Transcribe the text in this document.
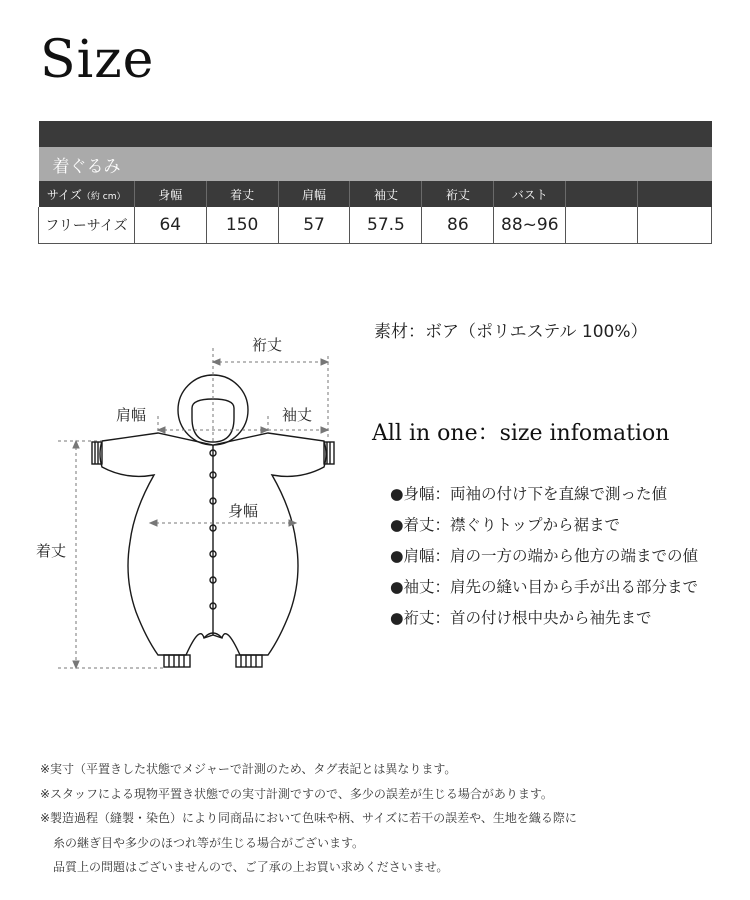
Size

着ぐるみ								
サイズ（約 cm）	身幅	着丈	肩幅	袖丈	裄丈	バスト		
フリーサイズ	64	150	57	57.5	86	88~96		
裄丈
肩幅	袖丈
身幅
着丈
素材：ボア（ポリエステル 100%）
All in one：size infomation
●身幅：両袖の付け下を直線で測った値
●着丈：襟ぐりトップから裾まで
●肩幅：肩の一方の端から他方の端までの値
●袖丈：肩先の縫い目から手が出る部分まで
●裄丈：首の付け根中央から袖先まで
※実寸（平置きした状態でメジャーで計測のため、タグ表記とは異なります。
※スタッフによる現物平置き状態での実寸計測ですので、多少の誤差が生じる場合があります。
※製造過程（縫製・染色）により同商品において色味や柄、サイズに若干の誤差や、生地を織る際に
糸の継ぎ目や多少のほつれ等が生じる場合がございます。
品質上の問題はございませんので、ご了承の上お買い求めくださいませ。
